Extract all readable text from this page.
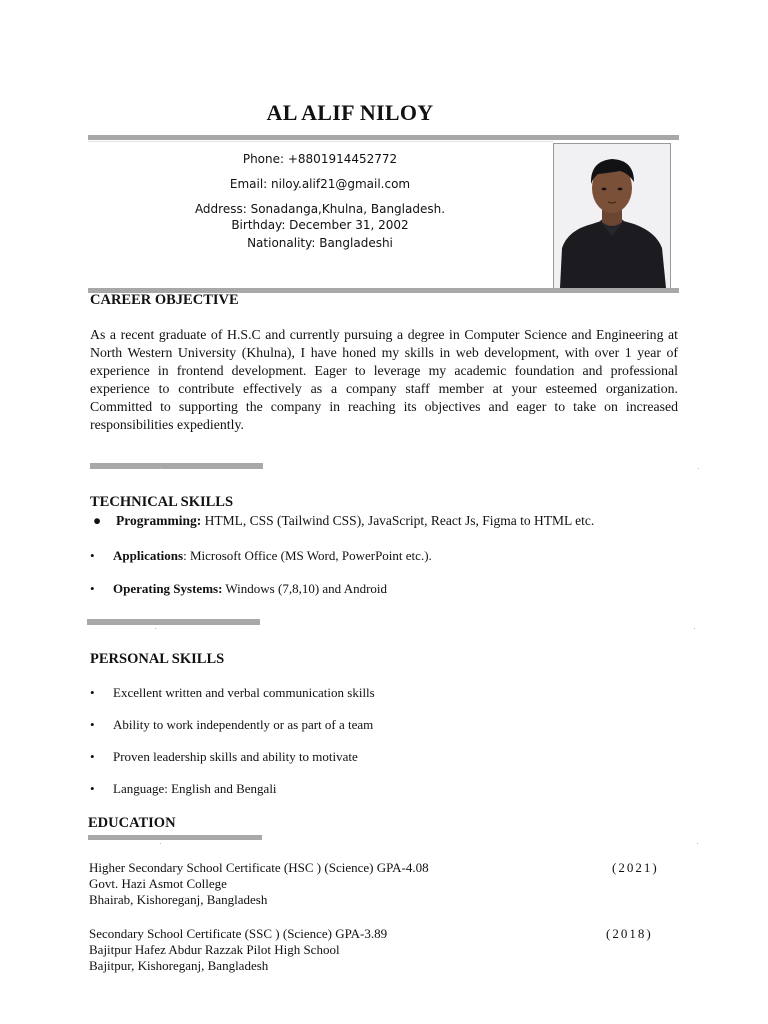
AL ALIF NILOY
Phone: +8801914452772
Email: niloy.alif21@gmail.com
Address: Sonadanga,Khulna, Bangladesh.
Birthday: December 31, 2002
Nationality: Bangladeshi
CAREER OBJECTIVE
As a recent graduate of H.S.C and currently pursuing a degree in Computer Science and Engineering at North Western University (Khulna), I have honed my skills in web development, with over 1 year of experience in frontend development. Eager to leverage my academic foundation and professional experience to contribute effectively as a company staff member at your esteemed organization. Committed to supporting the company in reaching its objectives and eager to take on increased responsibilities expediently.
TECHNICAL SKILLS
● Programming: HTML, CSS (Tailwind CSS), JavaScript, React Js, Figma to HTML etc.
• Applications: Microsoft Office (MS Word, PowerPoint etc.).
• Operating Systems: Windows (7,8,10) and Android
PERSONAL SKILLS
• Excellent written and verbal communication skills
• Ability to work independently or as part of a team
• Proven leadership skills and ability to motivate
• Language: English and Bengali
EDUCATION
Higher Secondary School Certificate (HSC ) (Science) GPA-4.08
Govt. Hazi Asmot College
Bhairab, Kishoreganj, Bangladesh
(2021)
Secondary School Certificate (SSC ) (Science) GPA-3.89
Bajitpur Hafez Abdur Razzak Pilot High School
Bajitpur, Kishoreganj, Bangladesh
(2018)
